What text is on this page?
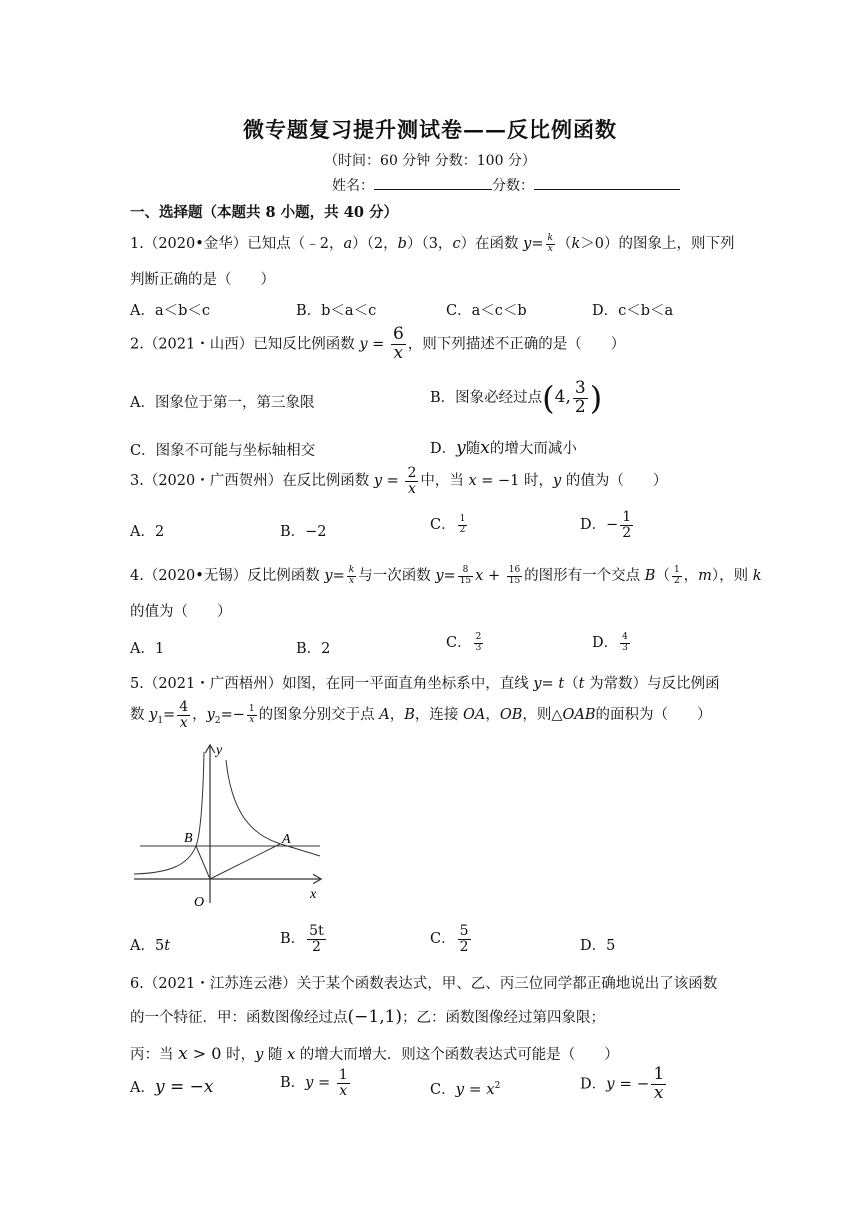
微专题复习提升测试卷——反比例函数
（时间：60 分钟 分数：100 分）
姓名：	分数：
一、选择题（本题共 8 小题，共 40 分）
1.（2020•金华）已知点（﹣2，a）（2，b）（3，c）在函数 $y= \frac{k}{x} (k>0)$的图象上，则下列
判断正确的是（　　）
A．a＜b＜c	B．b＜a＜c	C．a＜c＜b	D．c＜b＜a
2.（2021・山西）已知反比例函数 $y = \frac{6}{x}$ ，则下列描述不正确的是（　　）
A．图象位于第一，第三象限	B．图象必经过点(4, $\frac{3}{2}$ )
C．图象不可能与坐标轴相交	D．y随x的增大而减小
3.（2020・广西贺州）在反比例函数 $y = \frac{2}{x}$ 中，当 x = −1 时，y 的值为（　　）
A．2	B．−2	C． $\frac{1}{2}$	D．− $\frac{1}{2}$
4.（2020•无锡）反比例函数 $y= \frac{k}{x}$ 与一次函数 $y= \frac{8}{15}$ $x + \frac{16}{15}$ 的图形有一个交点 $B( \frac{1}{2}$ ，m），则 k
的值为（　　）
A．1	B．2	C． $\frac{2}{3}$	D． $\frac{4}{3}$
5.（2021・广西梧州）如图，在同一平面直角坐标系中，直线 y= t（t 为常数）与反比例函
数 $y_1= \frac{4}{x}$ ，$y_2=- \frac{1}{x}$ 的图象分别交于点 A，B，连接 OA，OB，则△OAB的面积为（　　）
y
x
O
A
B
A．5t	B． $\frac{5t}{2}$	C． $\frac{5}{2}$	D．5
6.（2021・江苏连云港）关于某个函数表达式，甲、乙、丙三位同学都正确地说出了该函数
的一个特征．甲：函数图像经过点(−1,1)；乙：函数图像经过第四象限；
丙：当 x > 0 时，y 随 x 的增大而增大．则这个函数表达式可能是（　　）
A．y = −x	B．$y = \frac{1}{x}$	C．$y = x^2$	D．y = − $\frac{1}{x}$
